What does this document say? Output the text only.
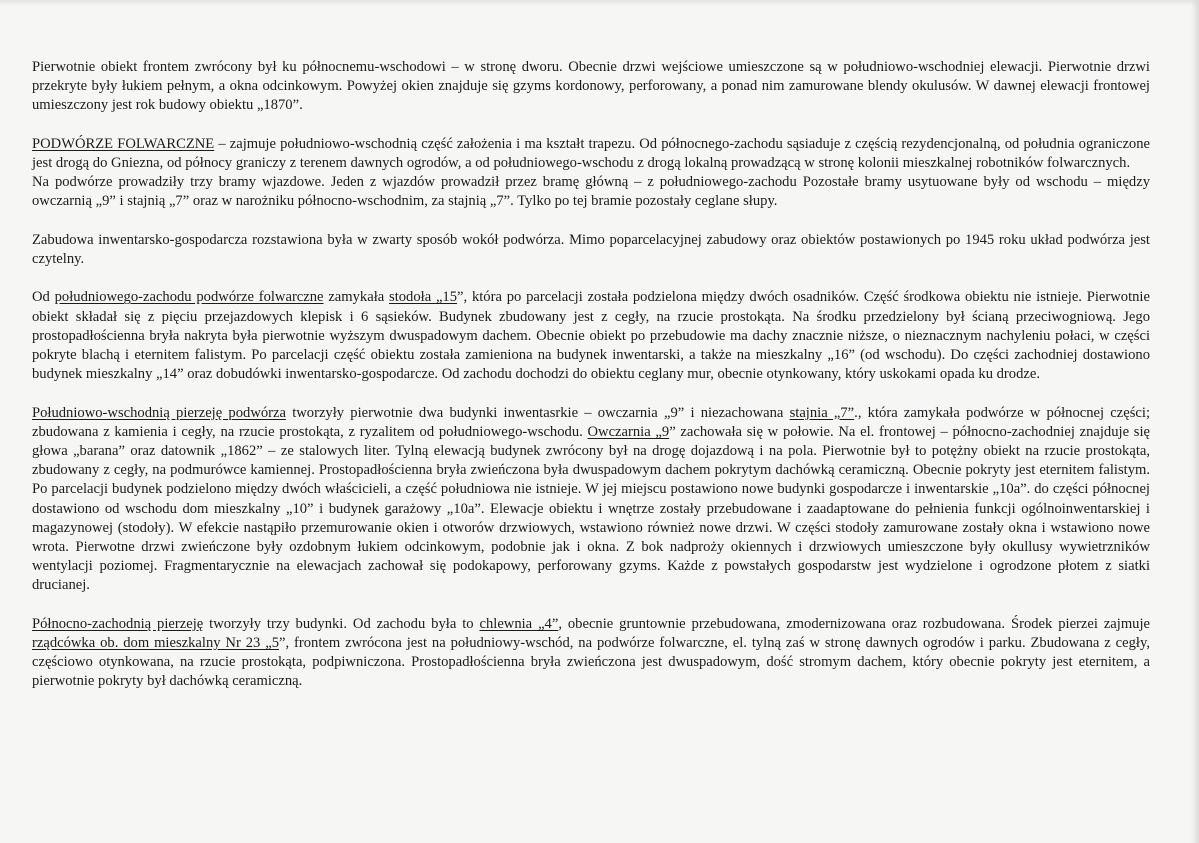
Pierwotnie obiekt frontem zwrócony był ku północnemu-wschodowi – w stronę dworu. Obecnie drzwi wejściowe umieszczone są w południowo-wschodniej elewacji. Pierwotnie drzwi przekryte były łukiem pełnym, a okna odcinkowym. Powyżej okien znajduje się gzyms kordonowy, perforowany, a ponad nim zamurowane blendy okulusów. W dawnej elewacji frontowej umieszczony jest rok budowy obiektu „1870”.

PODWÓRZE FOLWARCZNE – zajmuje południowo-wschodnią część założenia i ma kształt trapezu. Od północnego-zachodu sąsiaduje z częścią rezydencjonalną, od południa ograniczone jest drogą do Gniezna, od północy graniczy z terenem dawnych ogrodów, a od południowego-wschodu z drogą lokalną prowadzącą w stronę kolonii mieszkalnej robotników folwarcznych.

Na podwórze prowadziły trzy bramy wjazdowe. Jeden z wjazdów prowadził przez bramę główną – z południowego-zachodu Pozostałe bramy usytuowane były od wschodu – między owczarnią „9” i stajnią „7” oraz w narożniku północno-wschodnim, za stajnią „7”. Tylko po tej bramie pozostały ceglane słupy.

Zabudowa inwentarsko-gospodarcza rozstawiona była w zwarty sposób wokół podwórza. Mimo poparcelacyjnej zabudowy oraz obiektów postawionych po 1945 roku układ podwórza jest czytelny.

Od południowego-zachodu podwórze folwarczne zamykała stodoła „15”, która po parcelacji została podzielona między dwóch osadników. Część środkowa obiektu nie istnieje. Pierwotnie obiekt składał się z pięciu przejazdowych klepisk i 6 sąsieków. Budynek zbudowany jest z cegły, na rzucie prostokąta. Na środku przedzielony był ścianą przeciwogniową. Jego prostopadłościenna bryła nakryta była pierwotnie wyższym dwuspadowym dachem. Obecnie obiekt po przebudowie ma dachy znacznie niższe, o nieznacznym nachyleniu połaci, w części pokryte blachą i eternitem falistym. Po parcelacji część obiektu została zamieniona na budynek inwentarski, a także na mieszkalny „16” (od wschodu). Do części zachodniej dostawiono budynek mieszkalny „14” oraz dobudówki inwentarsko-gospodarcze. Od zachodu dochodzi do obiektu ceglany mur, obecnie otynkowany, który uskokami opada ku drodze.

Południowo-wschodnią pierzeję podwórza tworzyły pierwotnie dwa budynki inwentasrkie – owczarnia „9” i niezachowana stajnia „7”., która zamykała podwórze w północnej części; zbudowana z kamienia i cegły, na rzucie prostokąta, z ryzalitem od południowego-wschodu. Owczarnia „9” zachowała się w połowie. Na el. frontowej – północno-zachodniej znajduje się głowa „barana” oraz datownik „1862” – ze stalowych liter. Tylną elewacją budynek zwrócony był na drogę dojazdową i na pola. Pierwotnie był to potężny obiekt na rzucie prostokąta, zbudowany z cegły, na podmurówce kamiennej. Prostopadłościenna bryła zwieńczona była dwuspadowym dachem pokrytym dachówką ceramiczną. Obecnie pokryty jest eternitem falistym. Po parcelacji budynek podzielono między dwóch właścicieli, a część południowa nie istnieje. W jej miejscu postawiono nowe budynki gospodarcze i inwentarskie „10a”. do części północnej dostawiono od wschodu dom mieszkalny „10” i budynek garażowy „10a”. Elewacje obiektu i wnętrze zostały przebudowane i zaadaptowane do pełnienia funkcji ogólnoinwentarskiej i magazynowej (stodoły). W efekcie nastąpiło przemurowanie okien i otworów drzwiowych, wstawiono również nowe drzwi. W części stodoły zamurowane zostały okna i wstawiono nowe wrota. Pierwotne drzwi zwieńczone były ozdobnym łukiem odcinkowym, podobnie jak i okna. Z bok nadproży okiennych i drzwiowych umieszczone były okullusy wywietrzników wentylacji poziomej. Fragmentarycznie na elewacjach zachował się podokapowy, perforowany gzyms. Każde z powstałych gospodarstw jest wydzielone i ogrodzone płotem z siatki drucianej.

Północno-zachodnią pierzeję tworzyły trzy budynki. Od zachodu była to chlewnia „4”, obecnie gruntownie przebudowana, zmodernizowana oraz rozbudowana. Środek pierzei zajmuje rządcówka ob. dom mieszkalny Nr 23 „5”, frontem zwrócona jest na południowy-wschód, na podwórze folwarczne, el. tylną zaś w stronę dawnych ogrodów i parku. Zbudowana z cegły, częściowo otynkowana, na rzucie prostokąta, podpiwniczona. Prostopadłościenna bryła zwieńczona jest dwuspadowym, dość stromym dachem, który obecnie pokryty jest eternitem, a pierwotnie pokryty był dachówką ceramiczną.
